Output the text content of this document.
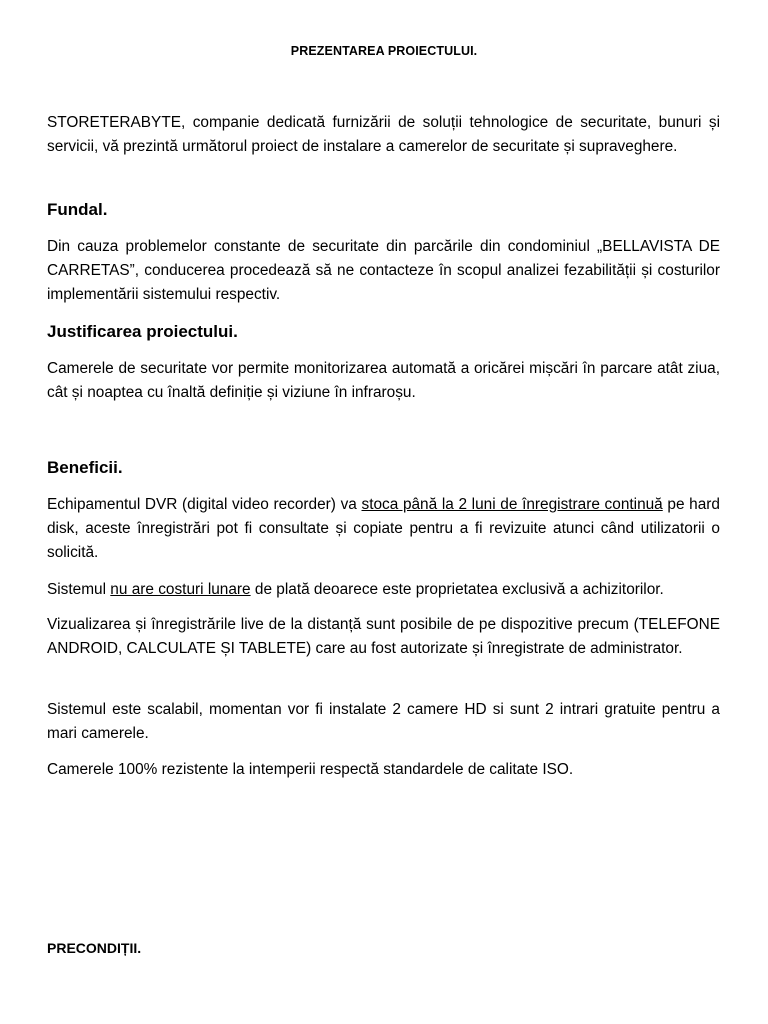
PREZENTAREA PROIECTULUI.
STORETERABYTE, companie dedicată furnizării de soluții tehnologice de securitate, bunuri și servicii, vă prezintă următorul proiect de instalare a camerelor de securitate și supraveghere.
Fundal.
Din cauza problemelor constante de securitate din parcările din condominiul „BELLAVISTA DE CARRETAS”, conducerea procedează să ne contacteze în scopul analizei fezabilității și costurilor implementării sistemului respectiv.
Justificarea proiectului.
Camerele de securitate vor permite monitorizarea automată a oricărei mișcări în parcare atât ziua, cât și noaptea cu înaltă definiție și viziune în infraroșu.
Beneficii.
Echipamentul DVR (digital video recorder) va stoca până la 2 luni de înregistrare continuă pe hard disk, aceste înregistrări pot fi consultate și copiate pentru a fi revizuite atunci când utilizatorii o solicită.
Sistemul nu are costuri lunare de plată deoarece este proprietatea exclusivă a achizitorilor.
Vizualizarea și înregistrările live de la distanță sunt posibile de pe dispozitive precum (TELEFONE ANDROID, CALCULATE ȘI TABLETE) care au fost autorizate și înregistrate de administrator.
Sistemul este scalabil, momentan vor fi instalate 2 camere HD si sunt 2 intrari gratuite pentru a mari camerele.
Camerele 100% rezistente la intemperii respectă standardele de calitate ISO.
PRECONDIȚII.
